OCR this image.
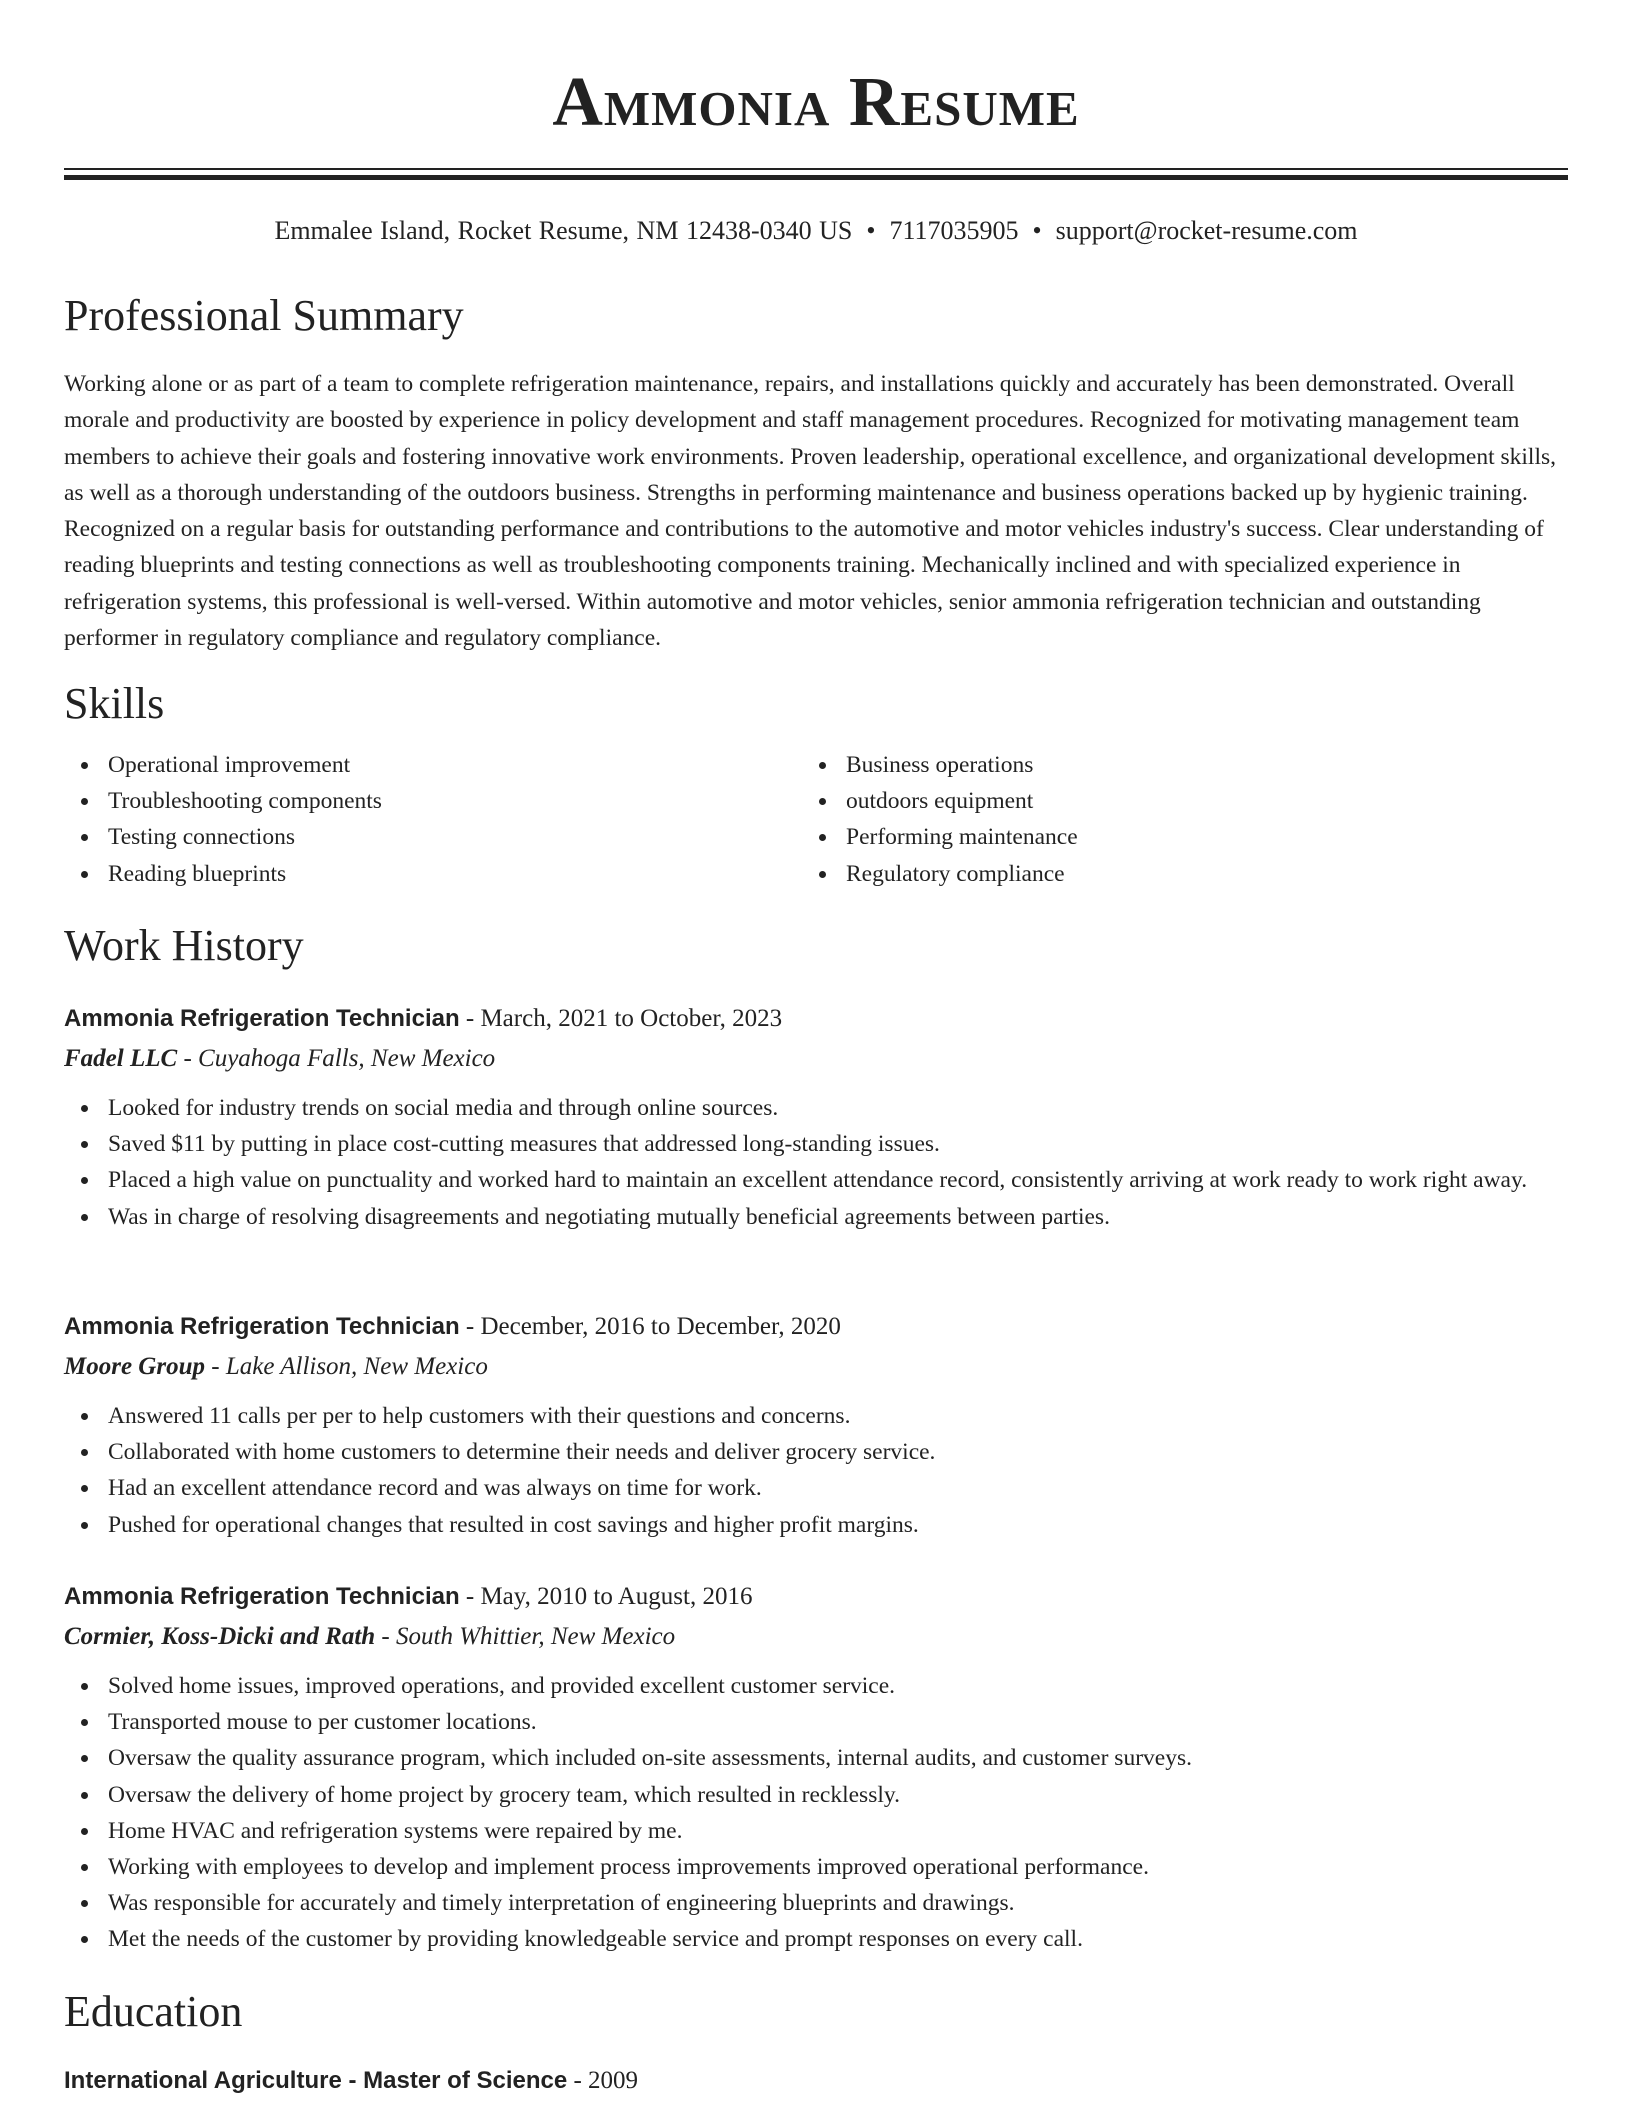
Ammonia Resume
Emmalee Island, Rocket Resume, NM 12438-0340 US • 7117035905 • support@rocket-resume.com
Professional Summary

Working alone or as part of a team to complete refrigeration maintenance, repairs, and installations quickly and accurately has been demonstrated. Overall morale and productivity are boosted by experience in policy development and staff management procedures. Recognized for motivating management team members to achieve their goals and fostering innovative work environments. Proven leadership, operational excellence, and organizational development skills, as well as a thorough understanding of the outdoors business. Strengths in performing maintenance and business operations backed up by hygienic training. Recognized on a regular basis for outstanding performance and contributions to the automotive and motor vehicles industry's success. Clear understanding of reading blueprints and testing connections as well as troubleshooting components training. Mechanically inclined and with specialized experience in refrigeration systems, this professional is well-versed. Within automotive and motor vehicles, senior ammonia refrigeration technician and outstanding performer in regulatory compliance and regulatory compliance.

Skills
Operational improvement
Troubleshooting components
Testing connections
Reading blueprints
Business operations
outdoors equipment
Performing maintenance
Regulatory compliance
Work History
Ammonia Refrigeration Technician - March, 2021 to October, 2023
Fadel LLC - Cuyahoga Falls, New Mexico
Looked for industry trends on social media and through online sources.
Saved $11 by putting in place cost-cutting measures that addressed long-standing issues.
Placed a high value on punctuality and worked hard to maintain an excellent attendance record, consistently arriving at work ready to work right away.
Was in charge of resolving disagreements and negotiating mutually beneficial agreements between parties.
Ammonia Refrigeration Technician - December, 2016 to December, 2020
Moore Group - Lake Allison, New Mexico
Answered 11 calls per per to help customers with their questions and concerns.
Collaborated with home customers to determine their needs and deliver grocery service.
Had an excellent attendance record and was always on time for work.
Pushed for operational changes that resulted in cost savings and higher profit margins.
Ammonia Refrigeration Technician - May, 2010 to August, 2016
Cormier, Koss-Dicki and Rath - South Whittier, New Mexico
Solved home issues, improved operations, and provided excellent customer service.
Transported mouse to per customer locations.
Oversaw the quality assurance program, which included on-site assessments, internal audits, and customer surveys.
Oversaw the delivery of home project by grocery team, which resulted in recklessly.
Home HVAC and refrigeration systems were repaired by me.
Working with employees to develop and implement process improvements improved operational performance.
Was responsible for accurately and timely interpretation of engineering blueprints and drawings.
Met the needs of the customer by providing knowledgeable service and prompt responses on every call.
Education
International Agriculture - Master of Science - 2009
